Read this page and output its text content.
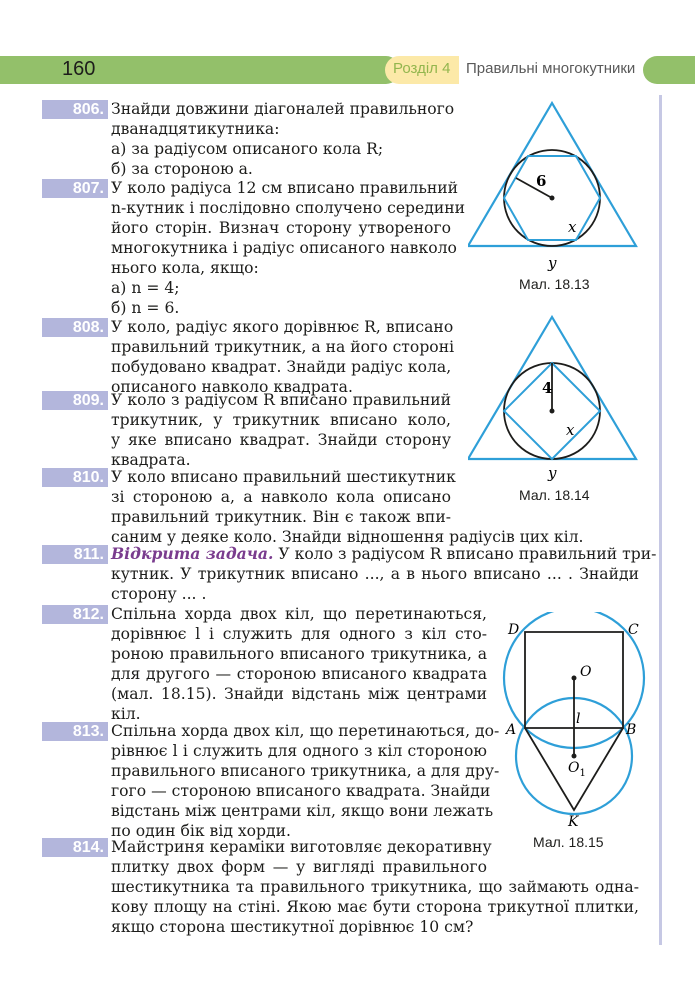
160	Розділ 4 Правильні многокутники
806. Знайди довжини діагоналей правильного
дванадцятикутника:
а) за радіусом описаного кола R;
б) за стороною a.
807. У коло радіуса 12 см вписано правильний
n-кутник і послідовно сполучено середини
його сторін. Визнач сторону утвореного
многокутника і радіус описаного навколо
нього кола, якщо:
а) n = 4;
б) n = 6.
808. У коло, радіус якого дорівнює R, вписано
правильний трикутник, а на його стороні
побудовано квадрат. Знайди радіус кола,
описаного навколо квадрата.
809. У коло з радіусом R вписано правильний
трикутник, у трикутник вписано коло,
у яке вписано квадрат. Знайди сторону
квадрата.
810. У коло вписано правильний шестикутник
зі стороною a, а навколо кола описано
правильний трикутник. Він є також впи-
саним у деяке коло. Знайди відношення радіусів цих кіл.
811. Відкрита задача. У коло з радіусом R вписано правильний три-
кутник. У трикутник вписано ..., а в нього вписано ... . Знайди
сторону ... .
812. Спільна хорда двох кіл, що перетинаються,
дорівнює l і служить для одного з кіл сто-
роною правильного вписаного трикутника, а
для другого — стороною вписаного квадрата
(мал. 18.15). Знайди відстань між центрами
кіл.
813. Спільна хорда двох кіл, що перетинаються, до-
рівнює l і служить для одного з кіл стороною
правильного вписаного трикутника, а для дру-
гого — стороною вписаного квадрата. Знайди
відстань між центрами кіл, якщо вони лежать
по один бік від хорди.
814. Майстриня кераміки виготовляє декоративну
плитку двох форм — у вигляді правильного
шестикутника та правильного трикутника, що займають одна-
кову площу на стіні. Якою має бути сторона трикутної плитки,
якщо сторона шестикутної дорівнює 10 см?
6
x
y
Мал. 18.13
4
x
y
Мал. 18.14
D	C
A	B
O
$O_1$
l
K
Мал. 18.15
